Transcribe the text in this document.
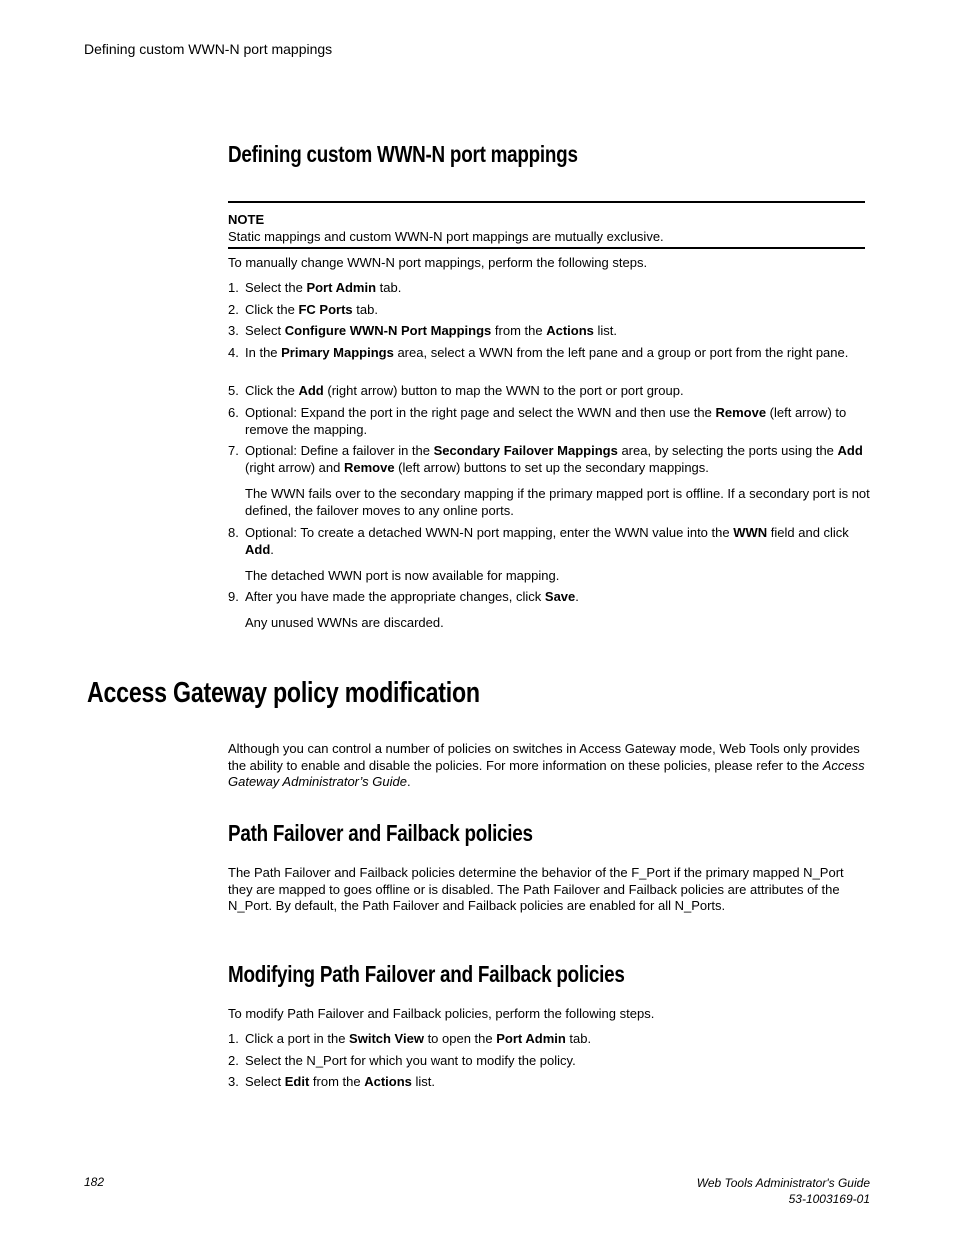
Defining custom WWN-N port mappings
Defining custom WWN-N port mappings
NOTE
Static mappings and custom WWN-N port mappings are mutually exclusive.
To manually change WWN-N port mappings, perform the following steps.
1. Select the Port Admin tab.
2. Click the FC Ports tab.
3. Select Configure WWN-N Port Mappings from the Actions list.
4. In the Primary Mappings area, select a WWN from the left pane and a group or port from the right pane.
5. Click the Add (right arrow) button to map the WWN to the port or port group.
6. Optional: Expand the port in the right page and select the WWN and then use the Remove (left arrow) to remove the mapping.
7. Optional: Define a failover in the Secondary Failover Mappings area, by selecting the ports using the Add (right arrow) and Remove (left arrow) buttons to set up the secondary mappings.
The WWN fails over to the secondary mapping if the primary mapped port is offline. If a secondary port is not defined, the failover moves to any online ports.
8. Optional: To create a detached WWN-N port mapping, enter the WWN value into the WWN field and click Add.
The detached WWN port is now available for mapping.
9. After you have made the appropriate changes, click Save.
Any unused WWNs are discarded.
Access Gateway policy modification
Although you can control a number of policies on switches in Access Gateway mode, Web Tools only provides the ability to enable and disable the policies. For more information on these policies, please refer to the Access Gateway Administrator’s Guide.
Path Failover and Failback policies
The Path Failover and Failback policies determine the behavior of the F_Port if the primary mapped N_Port they are mapped to goes offline or is disabled. The Path Failover and Failback policies are attributes of the N_Port. By default, the Path Failover and Failback policies are enabled for all N_Ports.
Modifying Path Failover and Failback policies
To modify Path Failover and Failback policies, perform the following steps.
1. Click a port in the Switch View to open the Port Admin tab.
2. Select the N_Port for which you want to modify the policy.
3. Select Edit from the Actions list.
182	Web Tools Administrator's Guide
53-1003169-01
